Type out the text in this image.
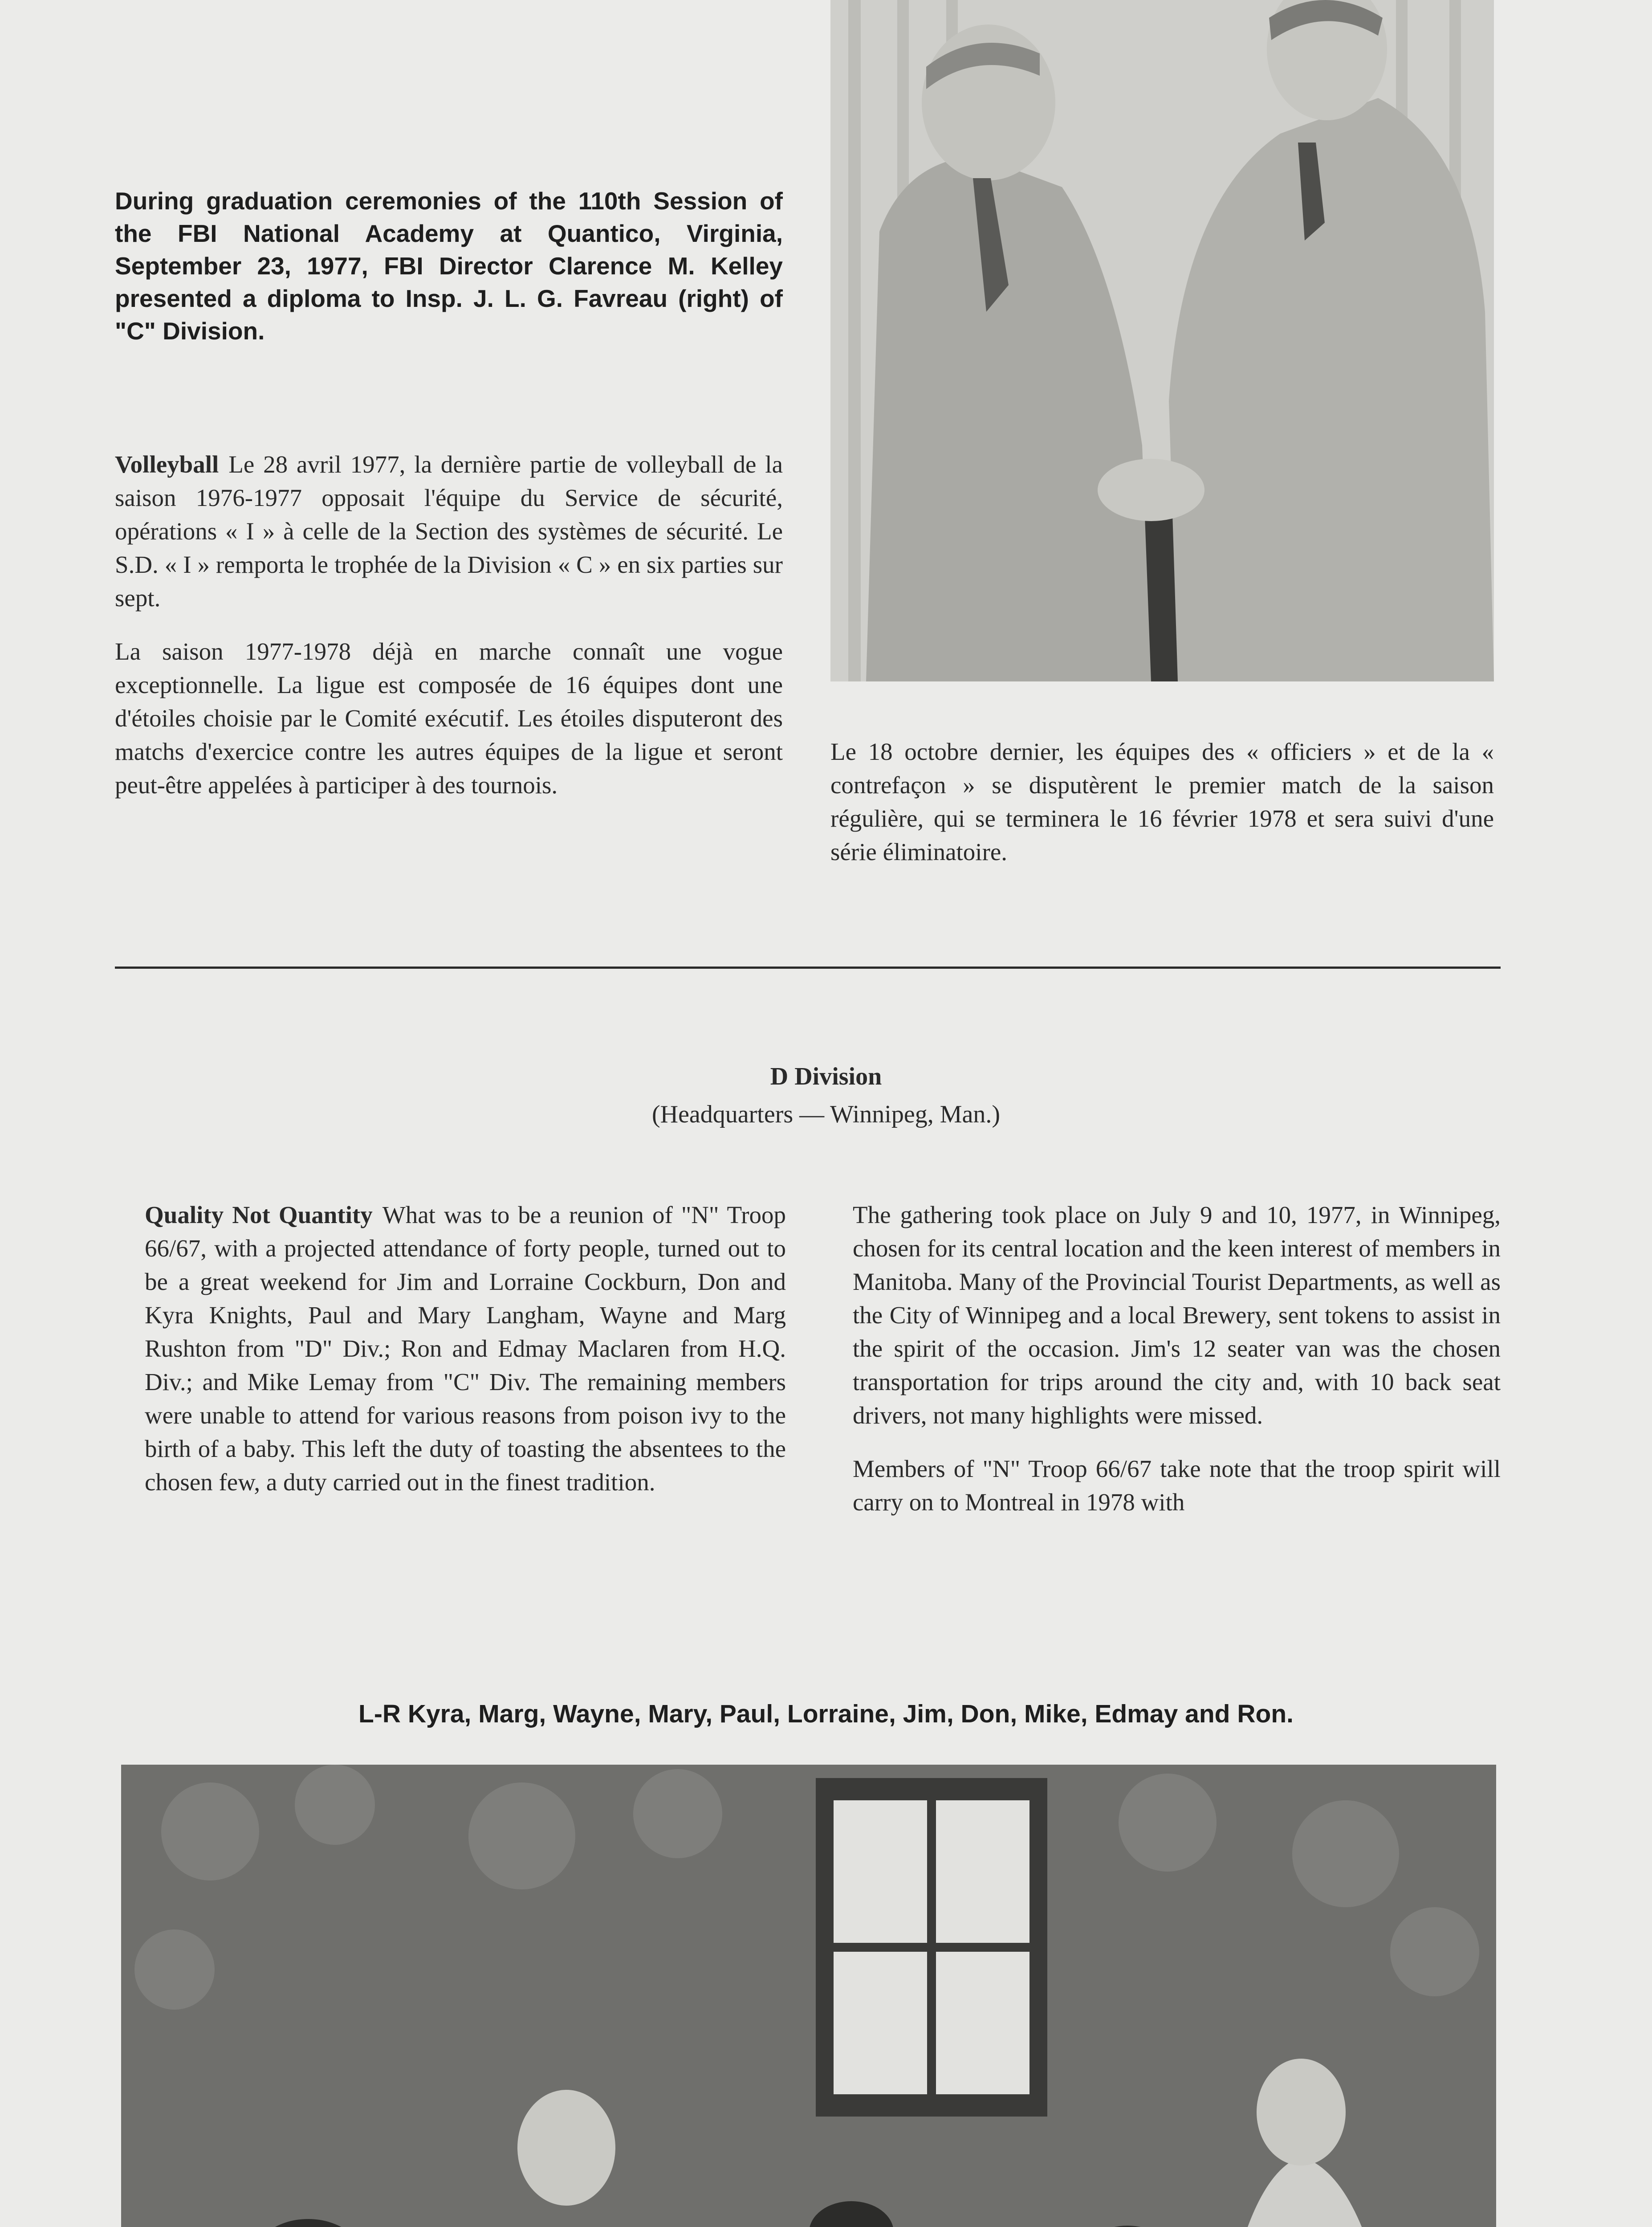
During graduation ceremonies of the 110th Session of the FBI National Academy at Quantico, Virginia, September 23, 1977, FBI Director Clarence M. Kelley presented a diploma to Insp. J. L. G. Favreau (right) of "C" Division.

Volleyball Le 28 avril 1977, la dernière partie de volleyball de la saison 1976-1977 opposait l'équipe du Service de sécurité, opérations « I » à celle de la Section des systèmes de sécurité. Le S.D. « I » remporta le trophée de la Division « C » en six parties sur sept.

La saison 1977-1978 déjà en marche connaît une vogue exceptionnelle. La ligue est composée de 16 équipes dont une d'étoiles choisie par le Comité exécutif. Les étoiles disputeront des matchs d'exercice contre les autres équipes de la ligue et seront peut-être appelées à participer à des tournois.

Le 18 octobre dernier, les équipes des « officiers » et de la « contrefaçon » se disputèrent le premier match de la saison régulière, qui se terminera le 16 février 1978 et sera suivi d'une série éliminatoire.

D Division
(Headquarters — Winnipeg, Man.)

Quality Not Quantity What was to be a reunion of "N" Troop 66/67, with a projected attendance of forty people, turned out to be a great weekend for Jim and Lorraine Cockburn, Don and Kyra Knights, Paul and Mary Langham, Wayne and Marg Rushton from "D" Div.; Ron and Edmay Maclaren from H.Q. Div.; and Mike Lemay from "C" Div. The remaining members were unable to attend for various reasons from poison ivy to the birth of a baby. This left the duty of toasting the absentees to the chosen few, a duty carried out in the finest tradition.

The gathering took place on July 9 and 10, 1977, in Winnipeg, chosen for its central location and the keen interest of members in Manitoba. Many of the Provincial Tourist Departments, as well as the City of Winnipeg and a local Brewery, sent tokens to assist in the spirit of the occasion. Jim's 12 seater van was the chosen transportation for trips around the city and, with 10 back seat drivers, not many highlights were missed.

Members of "N" Troop 66/67 take note that the troop spirit will carry on to Montreal in 1978 with

L-R Kyra, Marg, Wayne, Mary, Paul, Lorraine, Jim, Don, Mike, Edmay and Ron.
